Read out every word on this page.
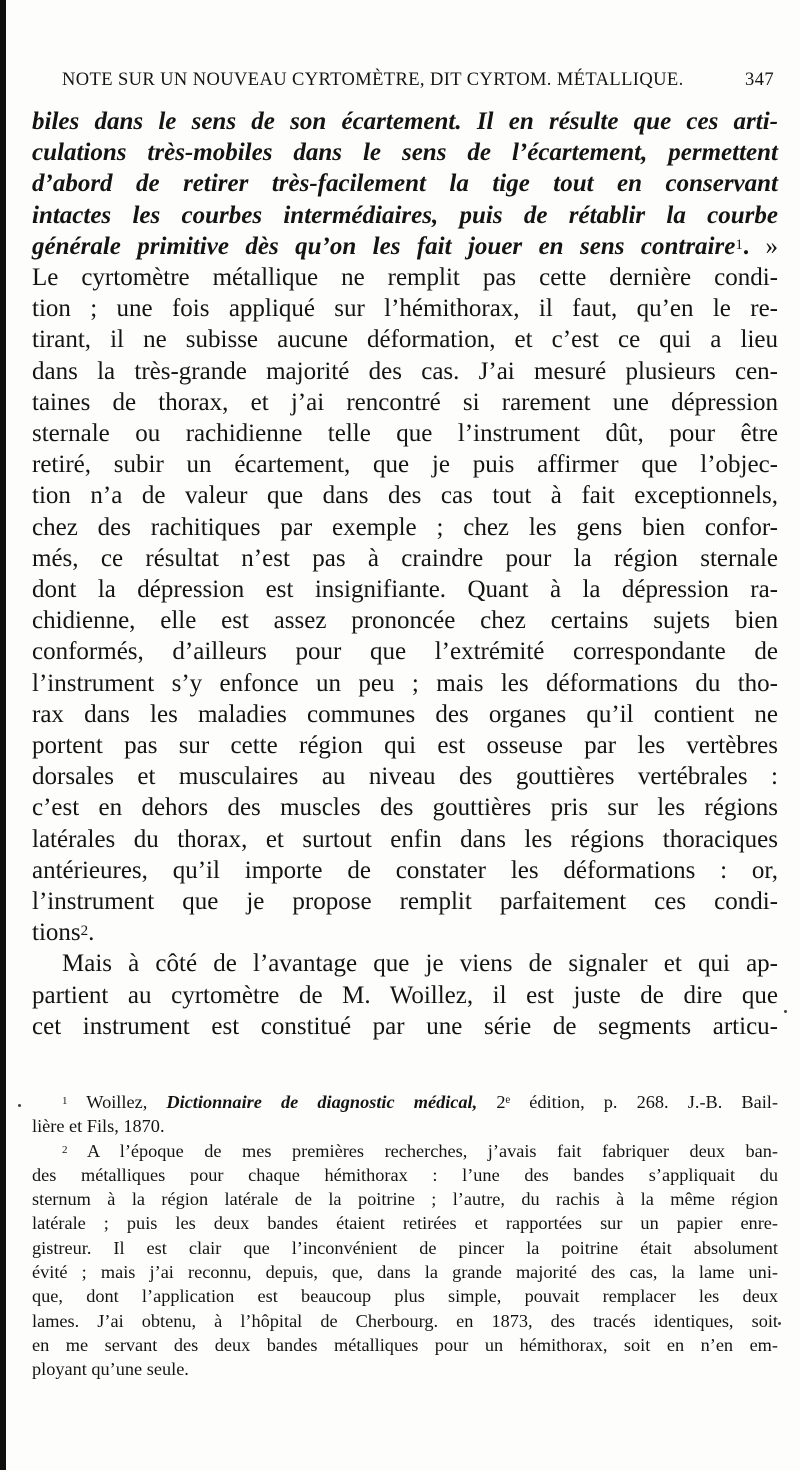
NOTE SUR UN NOUVEAU CYRTOMÈTRE, DIT CYRTOM. MÉTALLIQUE.	347
biles dans le sens de son écartement. Il en résulte que ces arti-
culations très-mobiles dans le sens de l’écartement, permettent
d’abord de retirer très-facilement la tige tout en conservant
intactes les courbes intermédiaires, puis de rétablir la courbe
générale primitive dès qu’on les fait jouer en sens contraire$^1$. »
Le cyrtomètre métallique ne remplit pas cette dernière condi-
tion ; une fois appliqué sur l’hémithorax, il faut, qu’en le re-
tirant, il ne subisse aucune déformation, et c’est ce qui a lieu
dans la très-grande majorité des cas. J’ai mesuré plusieurs cen-
taines de thorax, et j’ai rencontré si rarement une dépression
sternale ou rachidienne telle que l’instrument dût, pour être
retiré, subir un écartement, que je puis affirmer que l’objec-
tion n’a de valeur que dans des cas tout à fait exceptionnels,
chez des rachitiques par exemple ; chez les gens bien confor-
més, ce résultat n’est pas à craindre pour la région sternale
dont la dépression est insignifiante. Quant à la dépression ra-
chidienne, elle est assez prononcée chez certains sujets bien
conformés, d’ailleurs pour que l’extrémité correspondante de
l’instrument s’y enfonce un peu ; mais les déformations du tho-
rax dans les maladies communes des organes qu’il contient ne
portent pas sur cette région qui est osseuse par les vertèbres
dorsales et musculaires au niveau des gouttières vertébrales :
c’est en dehors des muscles des gouttières pris sur les régions
latérales du thorax, et surtout enfin dans les régions thoraciques
antérieures, qu’il importe de constater les déformations : or,
l’instrument que je propose remplit parfaitement ces condi-
tions$^2$.
Mais à côté de l’avantage que je viens de signaler et qui ap-
partient au cyrtomètre de M. Woillez, il est juste de dire que
cet instrument est constitué par une série de segments articu-
$^1$ Woillez, Dictionnaire de diagnostic médical, 2ᵉ édition, p. 268. J.-B. Bail-
lière et Fils, 1870.
$^2$ A l’époque de mes premières recherches, j’avais fait fabriquer deux ban-
des métalliques pour chaque hémithorax : l’une des bandes s’appliquait du
sternum à la région latérale de la poitrine ; l’autre, du rachis à la même région
latérale ; puis les deux bandes étaient retirées et rapportées sur un papier enre-
gistreur. Il est clair que l’inconvénient de pincer la poitrine était absolument
évité ; mais j’ai reconnu, depuis, que, dans la grande majorité des cas, la lame uni-
que, dont l’application est beaucoup plus simple, pouvait remplacer les deux
lames. J’ai obtenu, à l’hôpital de Cherbourg. en 1873, des tracés identiques, soit
en me servant des deux bandes métalliques pour un hémithorax, soit en n’en em-
ployant qu’une seule.
